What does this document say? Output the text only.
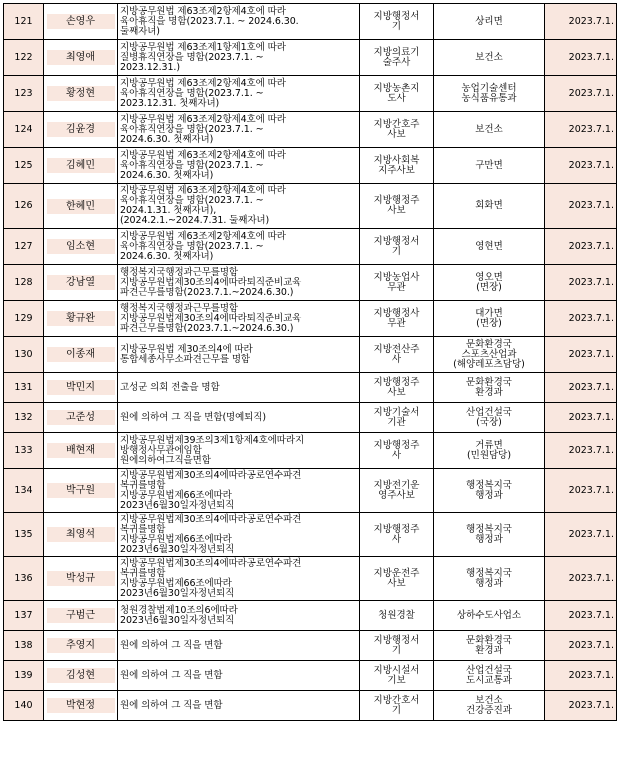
121	손영우	지방공무원법 제63조제2항제4호에 따라
육아휴직을 명함(2023.7.1. ~ 2024.6.30.
둘째자녀)	지방행정서
기	상리면	2023.7.1.
122	최영애	지방공무원법 제63조제1항제1호에 따라
질병휴직연장을 명함(2023.7.1. ~
2023.12.31.)	지방의료기
술주사	보건소	2023.7.1.
123	황정현	지방공무원법 제63조제2항제4호에 따라
육아휴직연장을 명함(2023.7.1. ~
2023.12.31. 첫째자녀)	지방농촌지
도사	농업기술센터
농식품유통과	2023.7.1.
124	김윤경	지방공무원법 제63조제2항제4호에 따라
육아휴직연장을 명함(2023.7.1. ~
2024.6.30. 첫째자녀)	지방간호주
사보	보건소	2023.7.1.
125	김혜민	지방공무원법 제63조제2항제4호에 따라
육아휴직연장을 명함(2023.7.1. ~
2024.6.30. 첫째자녀)	지방사회복
지주사보	구만면	2023.7.1.
126	한혜민	지방공무원법 제63조제2항제4호에 따라
육아휴직연장을 명함(2023.7.1. ~
2024.1.31. 첫째자녀),
(2024.2.1.~2024.7.31. 둘째자녀)	지방행정주
사보	회화면	2023.7.1.
127	임소현	지방공무원법 제63조제2항제4호에 따라
육아휴직연장을 명함(2023.7.1. ~
2024.6.30. 첫째자녀)	지방행정서
기	영현면	2023.7.1.
128	강남열	행정복지국행정과근무를명함
지방공무원법제30조의4에따라퇴직준비교육
파견근무를명함(2023.7.1.~2024.6.30.)	지방농업사
무관	영오면
(면장)	2023.7.1.
129	황규완	행정복지국행정과근무를명함
지방공무원법제30조의4에따라퇴직준비교육
파견근무를명함(2023.7.1.~2024.6.30.)	지방행정사
무관	대가면
(면장)	2023.7.1.
130	이종재	지방공무원법 제30조의4에 따라
통합세종사무소파견근무를 명함	지방전산주
사	문화환경국
스포츠산업과
(해양레포츠담당)	2023.7.1.
131	박민지	고성군 의회 전출을 명함	지방행정주
사보	문화환경국
환경과	2023.7.1.
132	고준성	원에 의하여 그 직을 면함(명예퇴직)	지방기술서
기관	산업건설국
(국장)	2023.7.1.
133	배현재	지방공무원법제39조의3제1항제4호에따라지
방행정사무관에임함
원에의하여그직을면함	지방행정주
사	거류면
(민원담당)	2023.7.1.
134	박구원	지방공무원법제30조의4에따라공로연수파견
복귀를명함
지방공무원법제66조에따라
2023년6월30일자정년퇴직	지방전기운
영주사보	행정복지국
행정과	2023.7.1.
135	최영석	지방공무원법제30조의4에따라공로연수파견
복귀를명함
지방공무원법제66조에따라
2023년6월30일자정년퇴직	지방행정주
사	행정복지국
행정과	2023.7.1.
136	박성규	지방공무원법제30조의4에따라공로연수파견
복귀를명함
지방공무원법제66조에따라
2023년6월30일자정년퇴직	지방운전주
사보	행정복지국
행정과	2023.7.1.
137	구범근	청원경찰법제10조의6에따라
2023년6월30일자정년퇴직	청원경찰	상하수도사업소	2023.7.1.
138	추영지	원에 의하여 그 직을 면함	지방행정서
기	문화환경국
환경과	2023.7.1.
139	김성현	원에 의하여 그 직을 면함	지방시설서
기보	산업건설국
도시교통과	2023.7.1.
140	박현정	원에 의하여 그 직을 면함	지방간호서
기	보건소
건강증진과	2023.7.1.
